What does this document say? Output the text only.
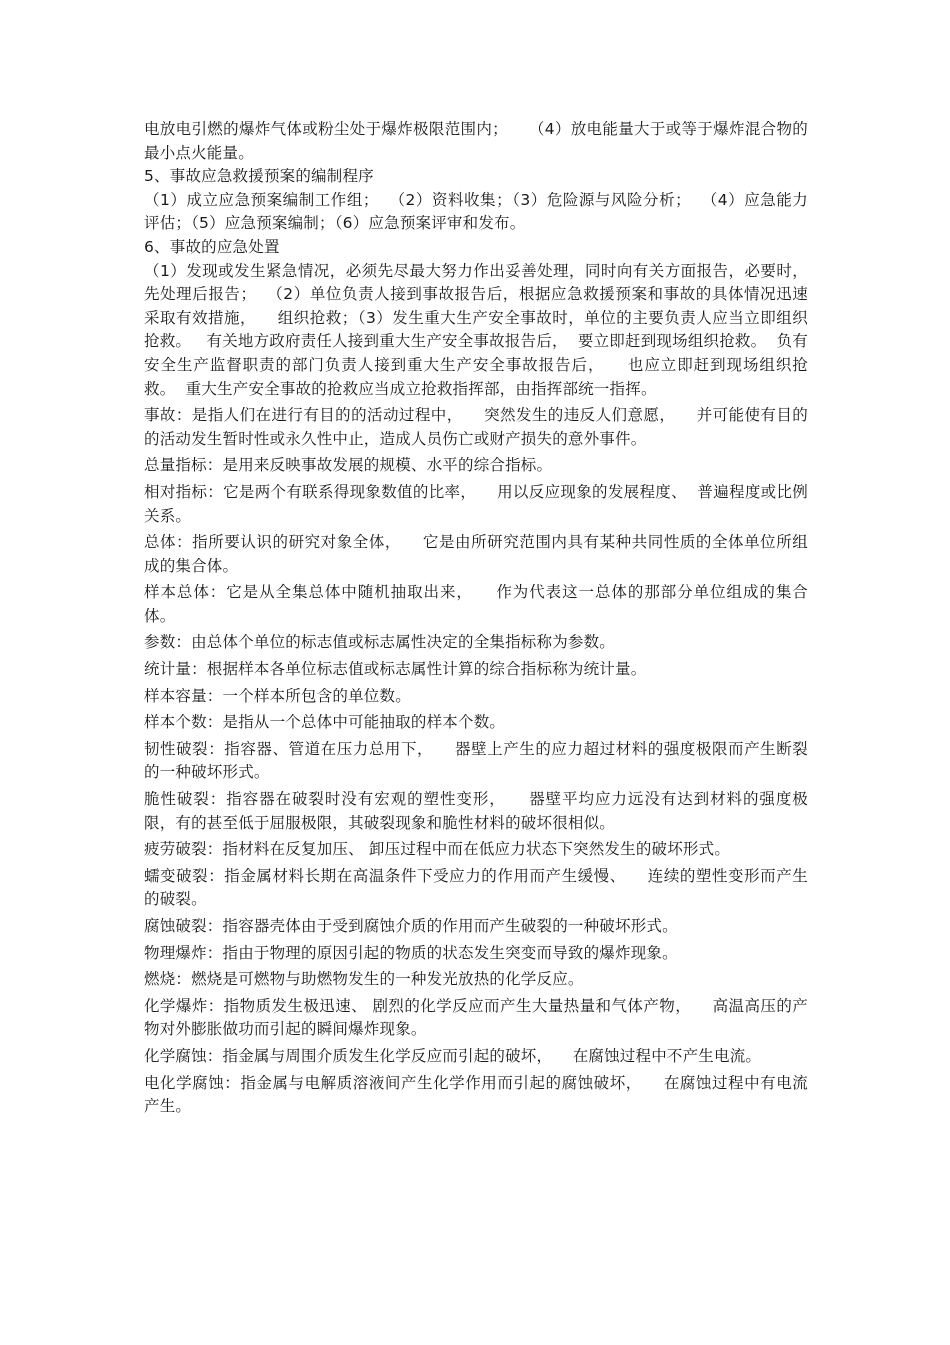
电放电引燃的爆炸气体或粉尘处于爆炸极限范围内；    （4）放电能量大于或等于爆炸混合物的最小点火能量。

5、事故应急救援预案的编制程序

（1）成立应急预案编制工作组；  （2）资料收集；（3）危险源与风险分析；  （4）应急能力评估；（5）应急预案编制；（6）应急预案评审和发布。

6、事故的应急处置

（1）发现或发生紧急情况，必须先尽最大努力作出妥善处理，同时向有关方面报告，必要时，先处理后报告；  （2）单位负责人接到事故报告后，根据应急救援预案和事故的具体情况迅速采取有效措施，    组织抢救；（3）发生重大生产安全事故时，单位的主要负责人应当立即组织抢救。   有关地方政府责任人接到重大生产安全事故报告后，  要立即赶到现场组织抢救。  负有安全生产监督职责的部门负责人接到重大生产安全事故报告后，    也应立即赶到现场组织抢救。  重大生产安全事故的抢救应当成立抢救指挥部，由指挥部统一指挥。

事故：是指人们在进行有目的的活动过程中，    突然发生的违反人们意愿，    并可能使有目的的活动发生暂时性或永久性中止，造成人员伤亡或财产损失的意外事件。

总量指标：是用来反映事故发展的规模、水平的综合指标。

相对指标：它是两个有联系得现象数值的比率，    用以反应现象的发展程度、  普遍程度或比例关系。

总体：指所要认识的研究对象全体，    它是由所研究范围内具有某种共同性质的全体单位所组成的集合体。

样本总体：它是从全集总体中随机抽取出来，    作为代表这一总体的那部分单位组成的集合体。

参数：由总体个单位的标志值或标志属性决定的全集指标称为参数。

统计量：根据样本各单位标志值或标志属性计算的综合指标称为统计量。

样本容量：一个样本所包含的单位数。

样本个数：是指从一个总体中可能抽取的样本个数。

韧性破裂：指容器、管道在压力总用下，    器壁上产生的应力超过材料的强度极限而产生断裂的一种破坏形式。

脆性破裂：指容器在破裂时没有宏观的塑性变形，    器壁平均应力远没有达到材料的强度极限，有的甚至低于屈服极限，其破裂现象和脆性材料的破坏很相似。

疲劳破裂：指材料在反复加压、 卸压过程中而在低应力状态下突然发生的破坏形式。

蠕变破裂：指金属材料长期在高温条件下受应力的作用而产生缓慢、    连续的塑性变形而产生的破裂。

腐蚀破裂：指容器壳体由于受到腐蚀介质的作用而产生破裂的一种破坏形式。

物理爆炸：指由于物理的原因引起的物质的状态发生突变而导致的爆炸现象。

燃烧：燃烧是可燃物与助燃物发生的一种发光放热的化学反应。

化学爆炸：指物质发生极迅速、 剧烈的化学反应而产生大量热量和气体产物，    高温高压的产物对外膨胀做功而引起的瞬间爆炸现象。

化学腐蚀：指金属与周围介质发生化学反应而引起的破坏，    在腐蚀过程中不产生电流。

电化学腐蚀：指金属与电解质溶液间产生化学作用而引起的腐蚀破坏，    在腐蚀过程中有电流产生。
